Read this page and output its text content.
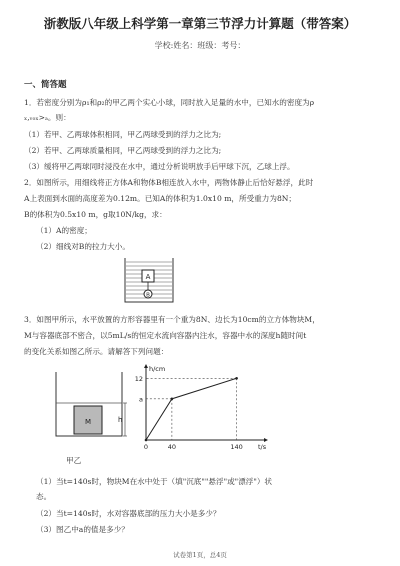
浙教版八年级上科学第一章第三节浮力计算题（带答案）
学校:姓名：班级：考号：
一、简答题
1．若密度分别为ρ₁和ρ₂的甲乙两个实心小球，同时放入足量的水中，已知水的密度为ρ
ₓ,ᵥₒₓ>ₐ。则：
（1）若甲、乙两球体积相同，甲乙两球受到的浮力之比为;
（2）若甲、乙两球质量相同，甲乙两球受到的浮力之比为;
（3）缓将甲乙两球同时浸没在水中，通过分析说明放手后甲球下沉，乙球上浮。
2．如图所示，用细线将正方体A和物体B相连放入水中，两物体静止后恰好悬浮，此时
A上表面到水面的高度差为0.12m。已知A的体积为1.0x10 m，所受重力为8N；
B的体积为0.5x10 m，g取10N/kg，求：
（1）A的密度；
（2）细线对B的拉力大小。
A
B
3．如图甲所示，水平放置的方形容器里有一个重为8N、边长为10cm的立方体物块M，
M与容器底部不密合，以5mL/s的恒定水流向容器内注水，容器中水的深度h随时间t
的变化关系如图乙所示。请解答下列问题：
M	h
0	40	140
12
a
h/cm
t/s
甲乙
（1）当t=140s时，物块M在水中处于（填"沉底""悬浮"或"漂浮"）状
态。
（2）当t=140s时，水对容器底部的压力大小是多少？
（3）图乙中a的值是多少？
试卷第1页，总4页
